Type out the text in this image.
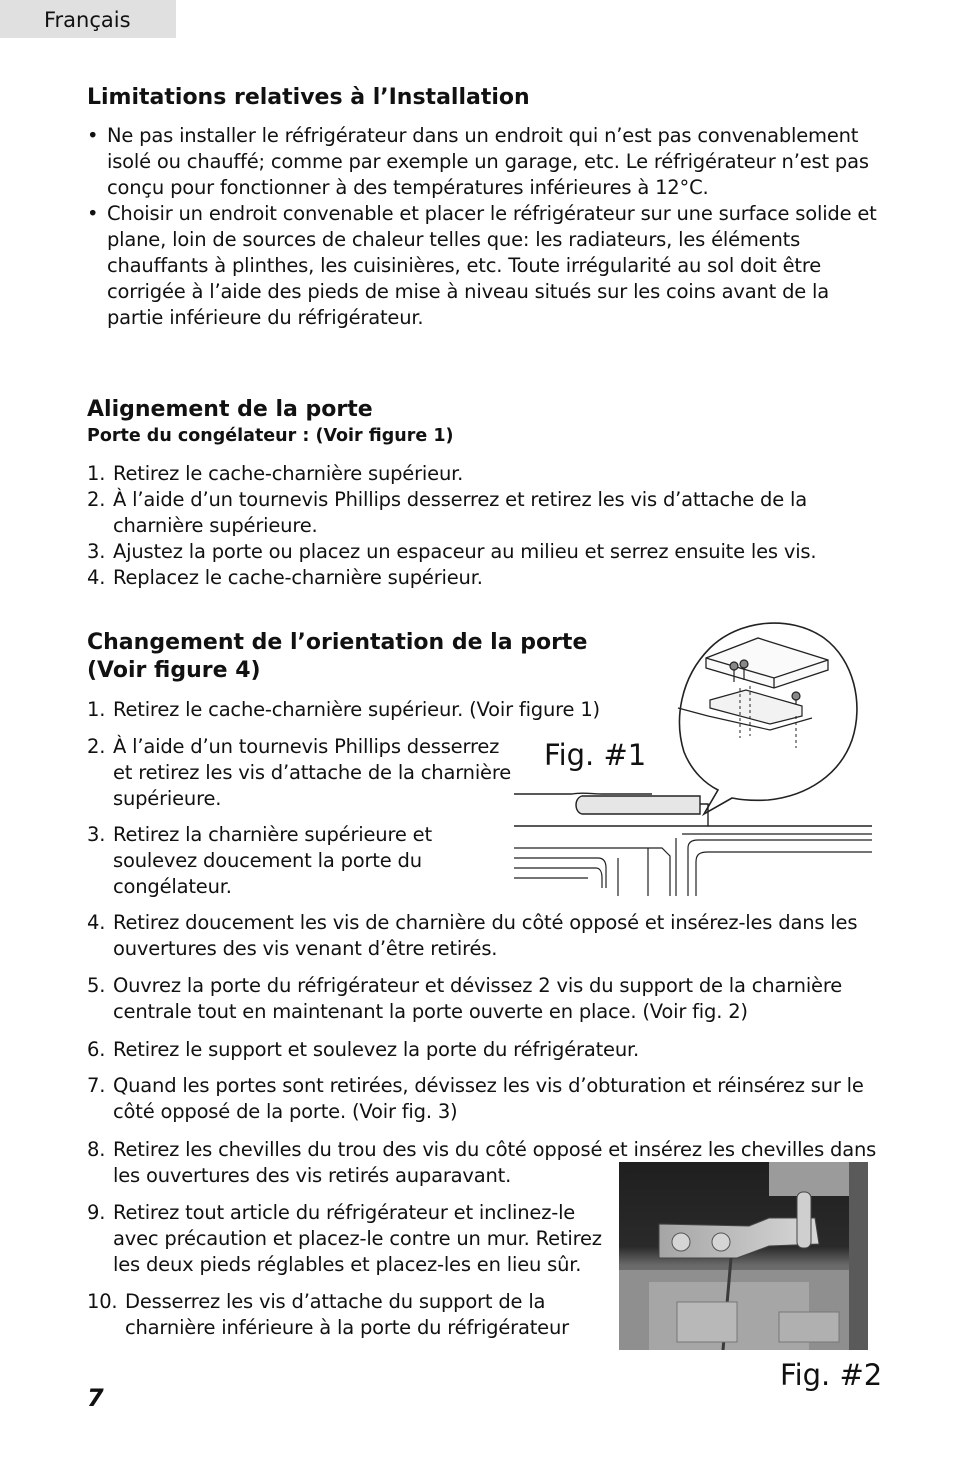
Français
Limitations relatives à l’Installation
• Ne pas installer le réfrigérateur dans un endroit qui n’est pas convenablement isolé ou chauffé; comme par exemple un garage, etc. Le réfrigérateur n’est pas conçu pour fonctionner à des températures inférieures à 12°C.
• Choisir un endroit convenable et placer le réfrigérateur sur une surface solide et plane, loin de sources de chaleur telles que: les radiateurs, les éléments chauffants à plinthes, les cuisinières, etc. Toute irrégularité au sol doit être corrigée à l’aide des pieds de mise à niveau situés sur les coins avant de la partie inférieure du réfrigérateur.
Alignement de la porte
Porte du congélateur : (Voir figure 1)
1. Retirez le cache-charnière supérieur.
2. À l’aide d’un tournevis Phillips desserrez et retirez les vis d’attache de la charnière supérieure.
3. Ajustez la porte ou placez un espaceur au milieu et serrez ensuite les vis.
4. Replacez le cache-charnière supérieur.
Changement de l’orientation de la porte
(Voir figure 4)
1. Retirez le cache-charnière supérieur. (Voir figure 1)
2. À l’aide d’un tournevis Phillips desserrez et retirez les vis d’attache de la charnière supérieure.
3. Retirez la charnière supérieure et soulevez doucement la porte du congélateur.
4. Retirez doucement les vis de charnière du côté opposé et insérez-les dans les ouvertures des vis venant d’être retirés.
5. Ouvrez la porte du réfrigérateur et dévissez 2 vis du support de la charnière centrale tout en maintenant la porte ouverte en place. (Voir fig. 2)
6. Retirez le support et soulevez la porte du réfrigérateur.
7. Quand les portes sont retirées, dévissez les vis d’obturation et réinsérez sur le côté opposé de la porte. (Voir fig. 3)
8. Retirez les chevilles du trou des vis du côté opposé et insérez les chevilles dans les ouvertures des vis retirés auparavant.
9. Retirez tout article du réfrigérateur et inclinez-le avec précaution et placez-le contre un mur. Retirez les deux pieds réglables et placez-les en lieu sûr.
10. Desserrez les vis d’attache du support de la charnière inférieure à la porte du réfrigérateur
Fig. #1
Fig. #2
7
